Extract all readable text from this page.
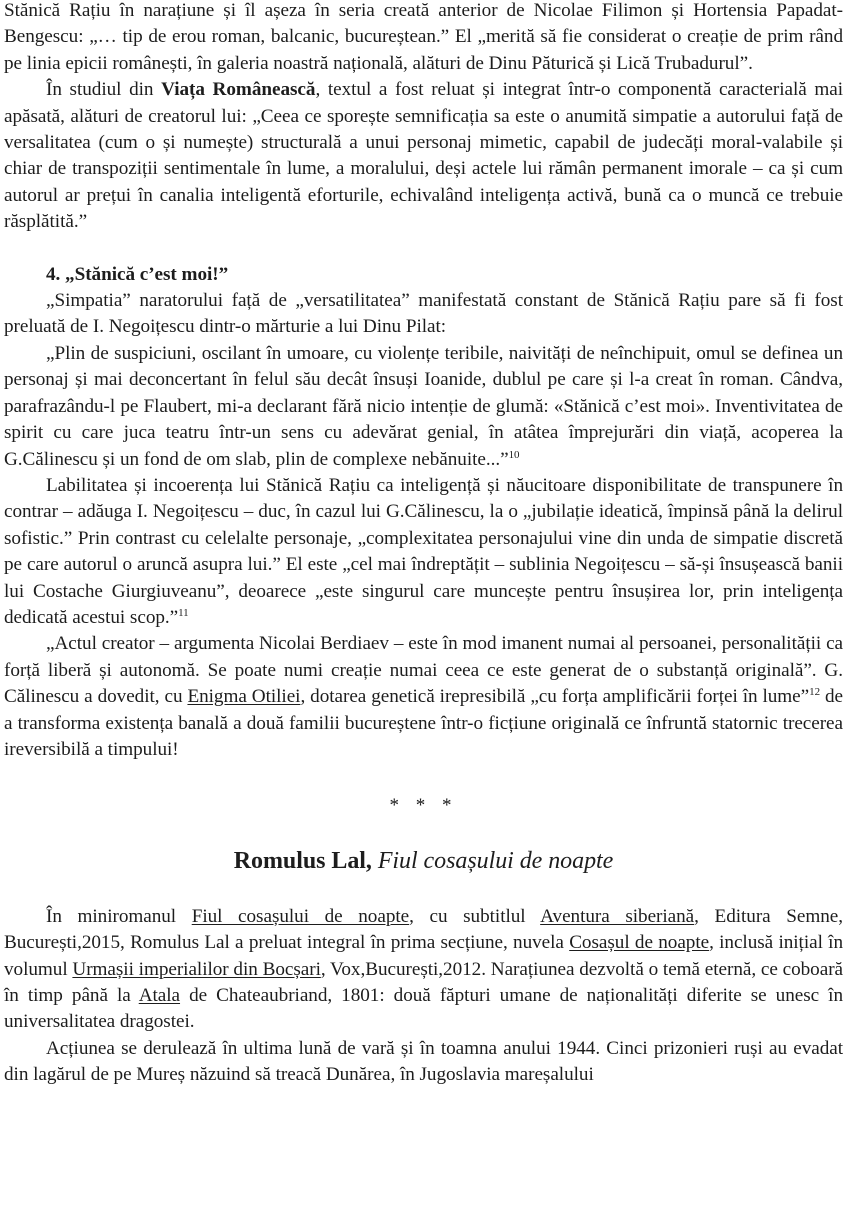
Stănică Rațiu în narațiune și îl așeza în seria creată anterior de Nicolae Filimon și Hortensia Papadat- Bengescu: „… tip de erou roman, balcanic, bucureștean.” El „merită să fie considerat o creație de prim rând pe linia epicii românești, în galeria noastră națională, alături de Dinu Păturică și Lică Trubadurul”.

În studiul din Viața Românească, textul a fost reluat și integrat într-o componentă caracterială mai apăsată, alături de creatorul lui: „Ceea ce sporește semnificația sa este o anumită simpatie a autorului față de versalitatea (cum o și numește) structurală a unui personaj mimetic, capabil de judecăți moral-valabile și chiar de transpoziții sentimentale în lume, a moralului, deși actele lui rămân permanent imorale – ca și cum autorul ar prețui în canalia inteligentă eforturile, echivalând inteligența activă, bună ca o muncă ce trebuie răsplătită.”

4. „Stănică c’est moi!”

„Simpatia” naratorului față de „versatilitatea” manifestată constant de Stănică Rațiu pare să fi fost preluată de I. Negoițescu dintr-o mărturie a lui Dinu Pilat:

„Plin de suspiciuni, oscilant în umoare, cu violențe teribile, naivități de neînchipuit, omul se definea un personaj și mai deconcertant în felul său decât însuși Ioanide, dublul pe care și l-a creat în roman. Cândva, parafrazându-l pe Flaubert, mi-a declarant fără nicio intenție de glumă: «Stănică c’est moi». Inventivitatea de spirit cu care juca teatru într-un sens cu adevărat genial, în atâtea împrejurări din viață, acoperea la G.Călinescu și un fond de om slab, plin de complexe nebănuite...”$^{10}$

Labilitatea și incoerența lui Stănică Rațiu ca inteligență și năucitoare disponibilitate de transpunere în contrar – adăuga I. Negoițescu – duc, în cazul lui G.Călinescu, la o „jubilație ideatică, împinsă până la delirul sofistic.” Prin contrast cu celelalte personaje, „complexitatea personajului vine din unda de simpatie discretă pe care autorul o aruncă asupra lui.” El este „cel mai îndreptățit – sublinia Negoițescu – să-și însușească banii lui Costache Giurgiuveanu”, deoarece „este singurul care muncește pentru însușirea lor, prin inteligența dedicată acestui scop.”$^{11}$

„Actul creator – argumenta Nicolai Berdiaev – este în mod imanent numai al persoanei, personalității ca forță liberă și autonomă. Se poate numi creație numai ceea ce este generat de o substanță originală”. G. Călinescu a dovedit, cu Enigma Otiliei, dotarea genetică irepresibilă „cu forța amplificării forței în lume”$^{12}$ de a transforma existența banală a două familii bucureștene într-o ficțiune originală ce înfruntă statornic trecerea ireversibilă a timpului!

* * *

Romulus Lal, Fiul cosașului de noapte

În miniromanul Fiul cosașului de noapte, cu subtitlul Aventura siberiană, Editura Semne, București,2015, Romulus Lal a preluat integral în prima secțiune, nuvela Cosașul de noapte, inclusă inițial în volumul Urmașii imperialilor din Bocșari, Vox,București,2012. Narațiunea dezvoltă o temă eternă, ce coboară în timp până la Atala de Chateaubriand, 1801: două făpturi umane de naționalități diferite se unesc în universalitatea dragostei.

Acțiunea se derulează în ultima lună de vară și în toamna anului 1944. Cinci prizonieri ruși au evadat din lagărul de pe Mureș năzuind să treacă Dunărea, în Jugoslavia mareșalului
